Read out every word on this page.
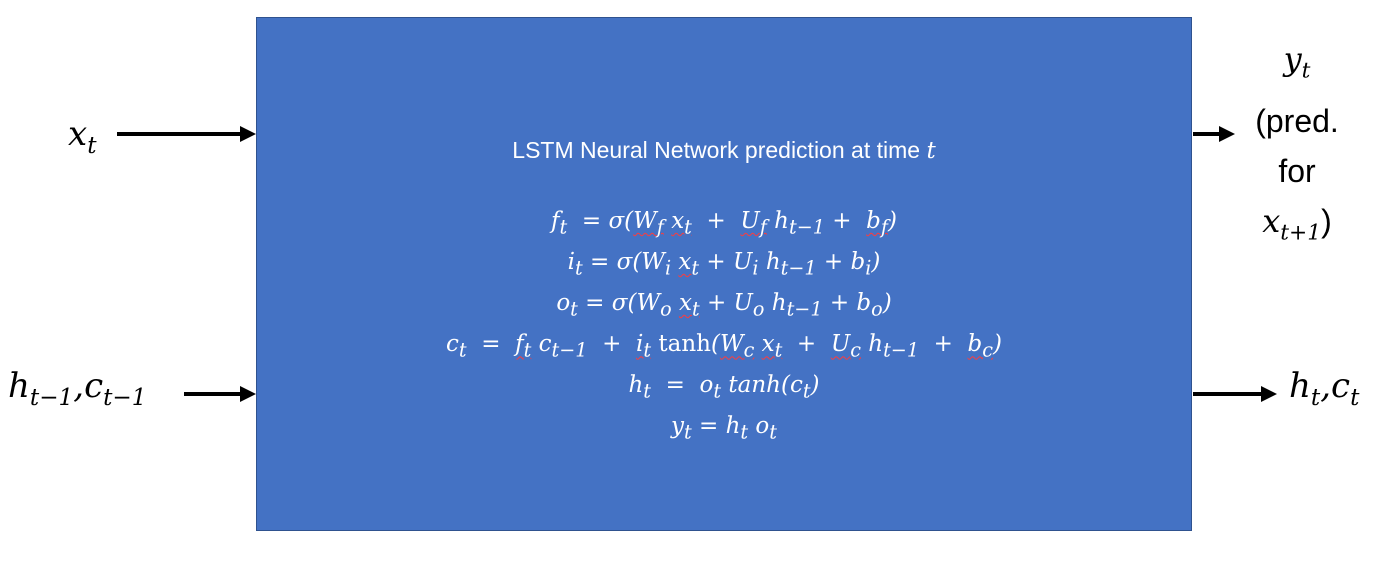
LSTM Neural Network prediction at time t
$f_t = \sigma(W_f$ $x_t + U_f$ $h_{t-1} + b_f$)
$i_t = \sigma(W_i$ $x_t + U_i$ $h_{t-1} + b_i$)
$o_t = \sigma(W_o$ $x_t + U_o$ $h_{t-1} + b_o$)
$c_t = f_t$ $c_{t-1} + i_t$ $\tanh(W_c$ $x_t + U_c$ $h_{t-1} + b_c$)
$h_t = o_t$ $\tanh(c_t)$
$y_t = h_t$ $o_t$
$x_t$
$h_{t-1},c_{t-1}$	$h_t,c_t$
$y_t$
(pred.
for
$x_{t+1}$)
